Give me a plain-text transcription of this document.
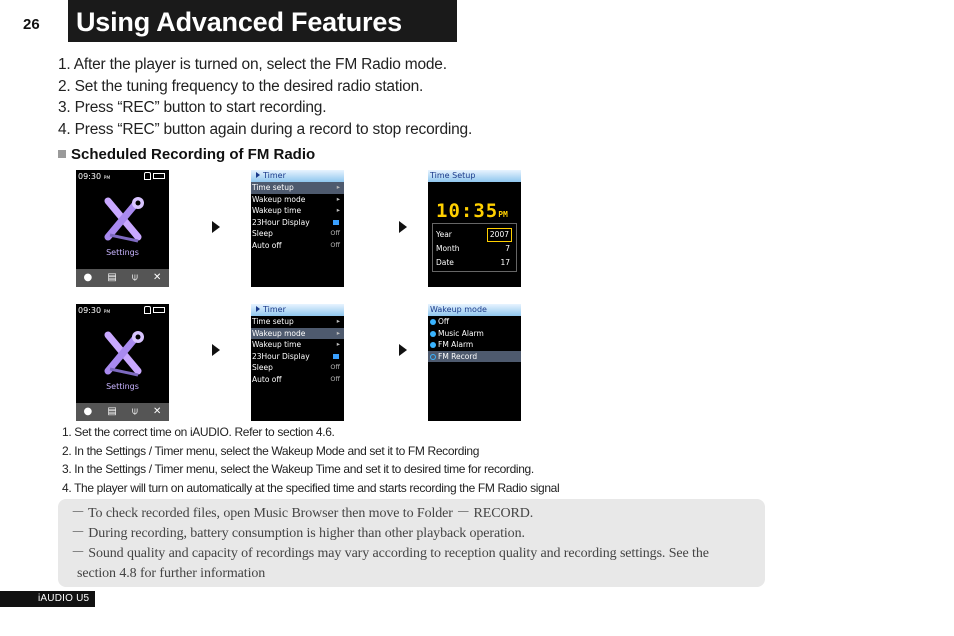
26 Using Advanced Features
1. After the player is turned on, select the FM Radio mode.
2. Set the tuning frequency to the desired radio station.
3. Press “REC” button to start recording.
4. Press “REC” button again during a record to stop recording.
Scheduled Recording of FM Radio
09:30 PM
Settings
● ▤ ⍦ ✕
Timer
Time setup	▸
Wakeup mode	▸
Wakeup time	▸
23Hour Display
Sleep	Off
Auto off	Off
Time Setup
10:35PM
Year	2007
Month	7
Date	17
09:30 PM
Settings
● ▤ ⍦ ✕
Timer
Time setup	▸
Wakeup mode	▸
Wakeup time	▸
23Hour Display
Sleep	Off
Auto off	Off
Wakeup mode
Off
Music Alarm
FM Alarm
FM Record
1. Set the correct time on iAUDIO. Refer to section 4.6.
2. In the Settings / Timer menu, select the Wakeup Mode and set it to FM Recording
3. In the Settings / Timer menu, select the Wakeup Time and set it to desired time for recording.
4. The player will turn on automatically at the specified time and starts recording the FM Radio signal
－ To check recorded files, open Music Browser then move to Folder － RECORD.
－ During recording, battery consumption is higher than other playback operation.
－ Sound quality and capacity of recordings may vary according to reception quality and recording settings. See the
section 4.8 for further information
iAUDIO U5
